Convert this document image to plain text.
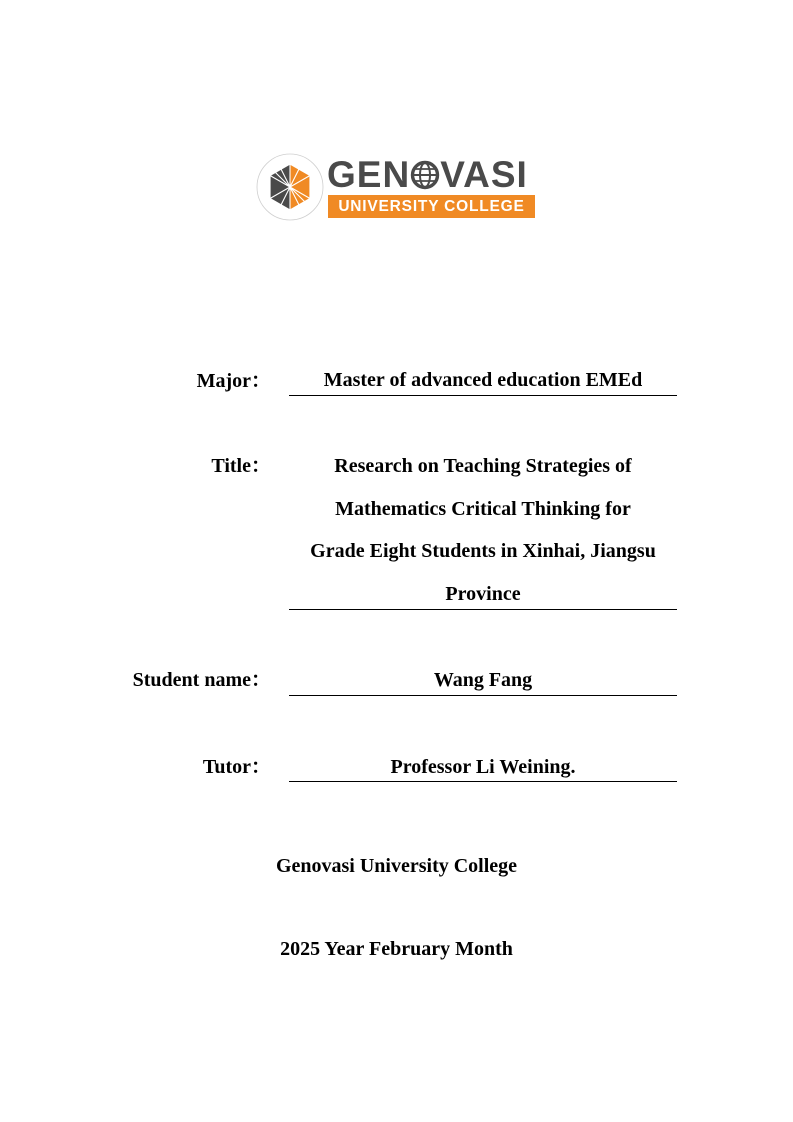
GEN VASI
UNIVERSITY COLLEGE
Major：	Master of advanced education EMEd
Title：	Research on Teaching Strategies of
Mathematics Critical Thinking for
Grade Eight Students in Xinhai, Jiangsu
Province
Student name：	Wang Fang
Tutor：	Professor Li Weining.
Genovasi University College
2025 Year February Month
